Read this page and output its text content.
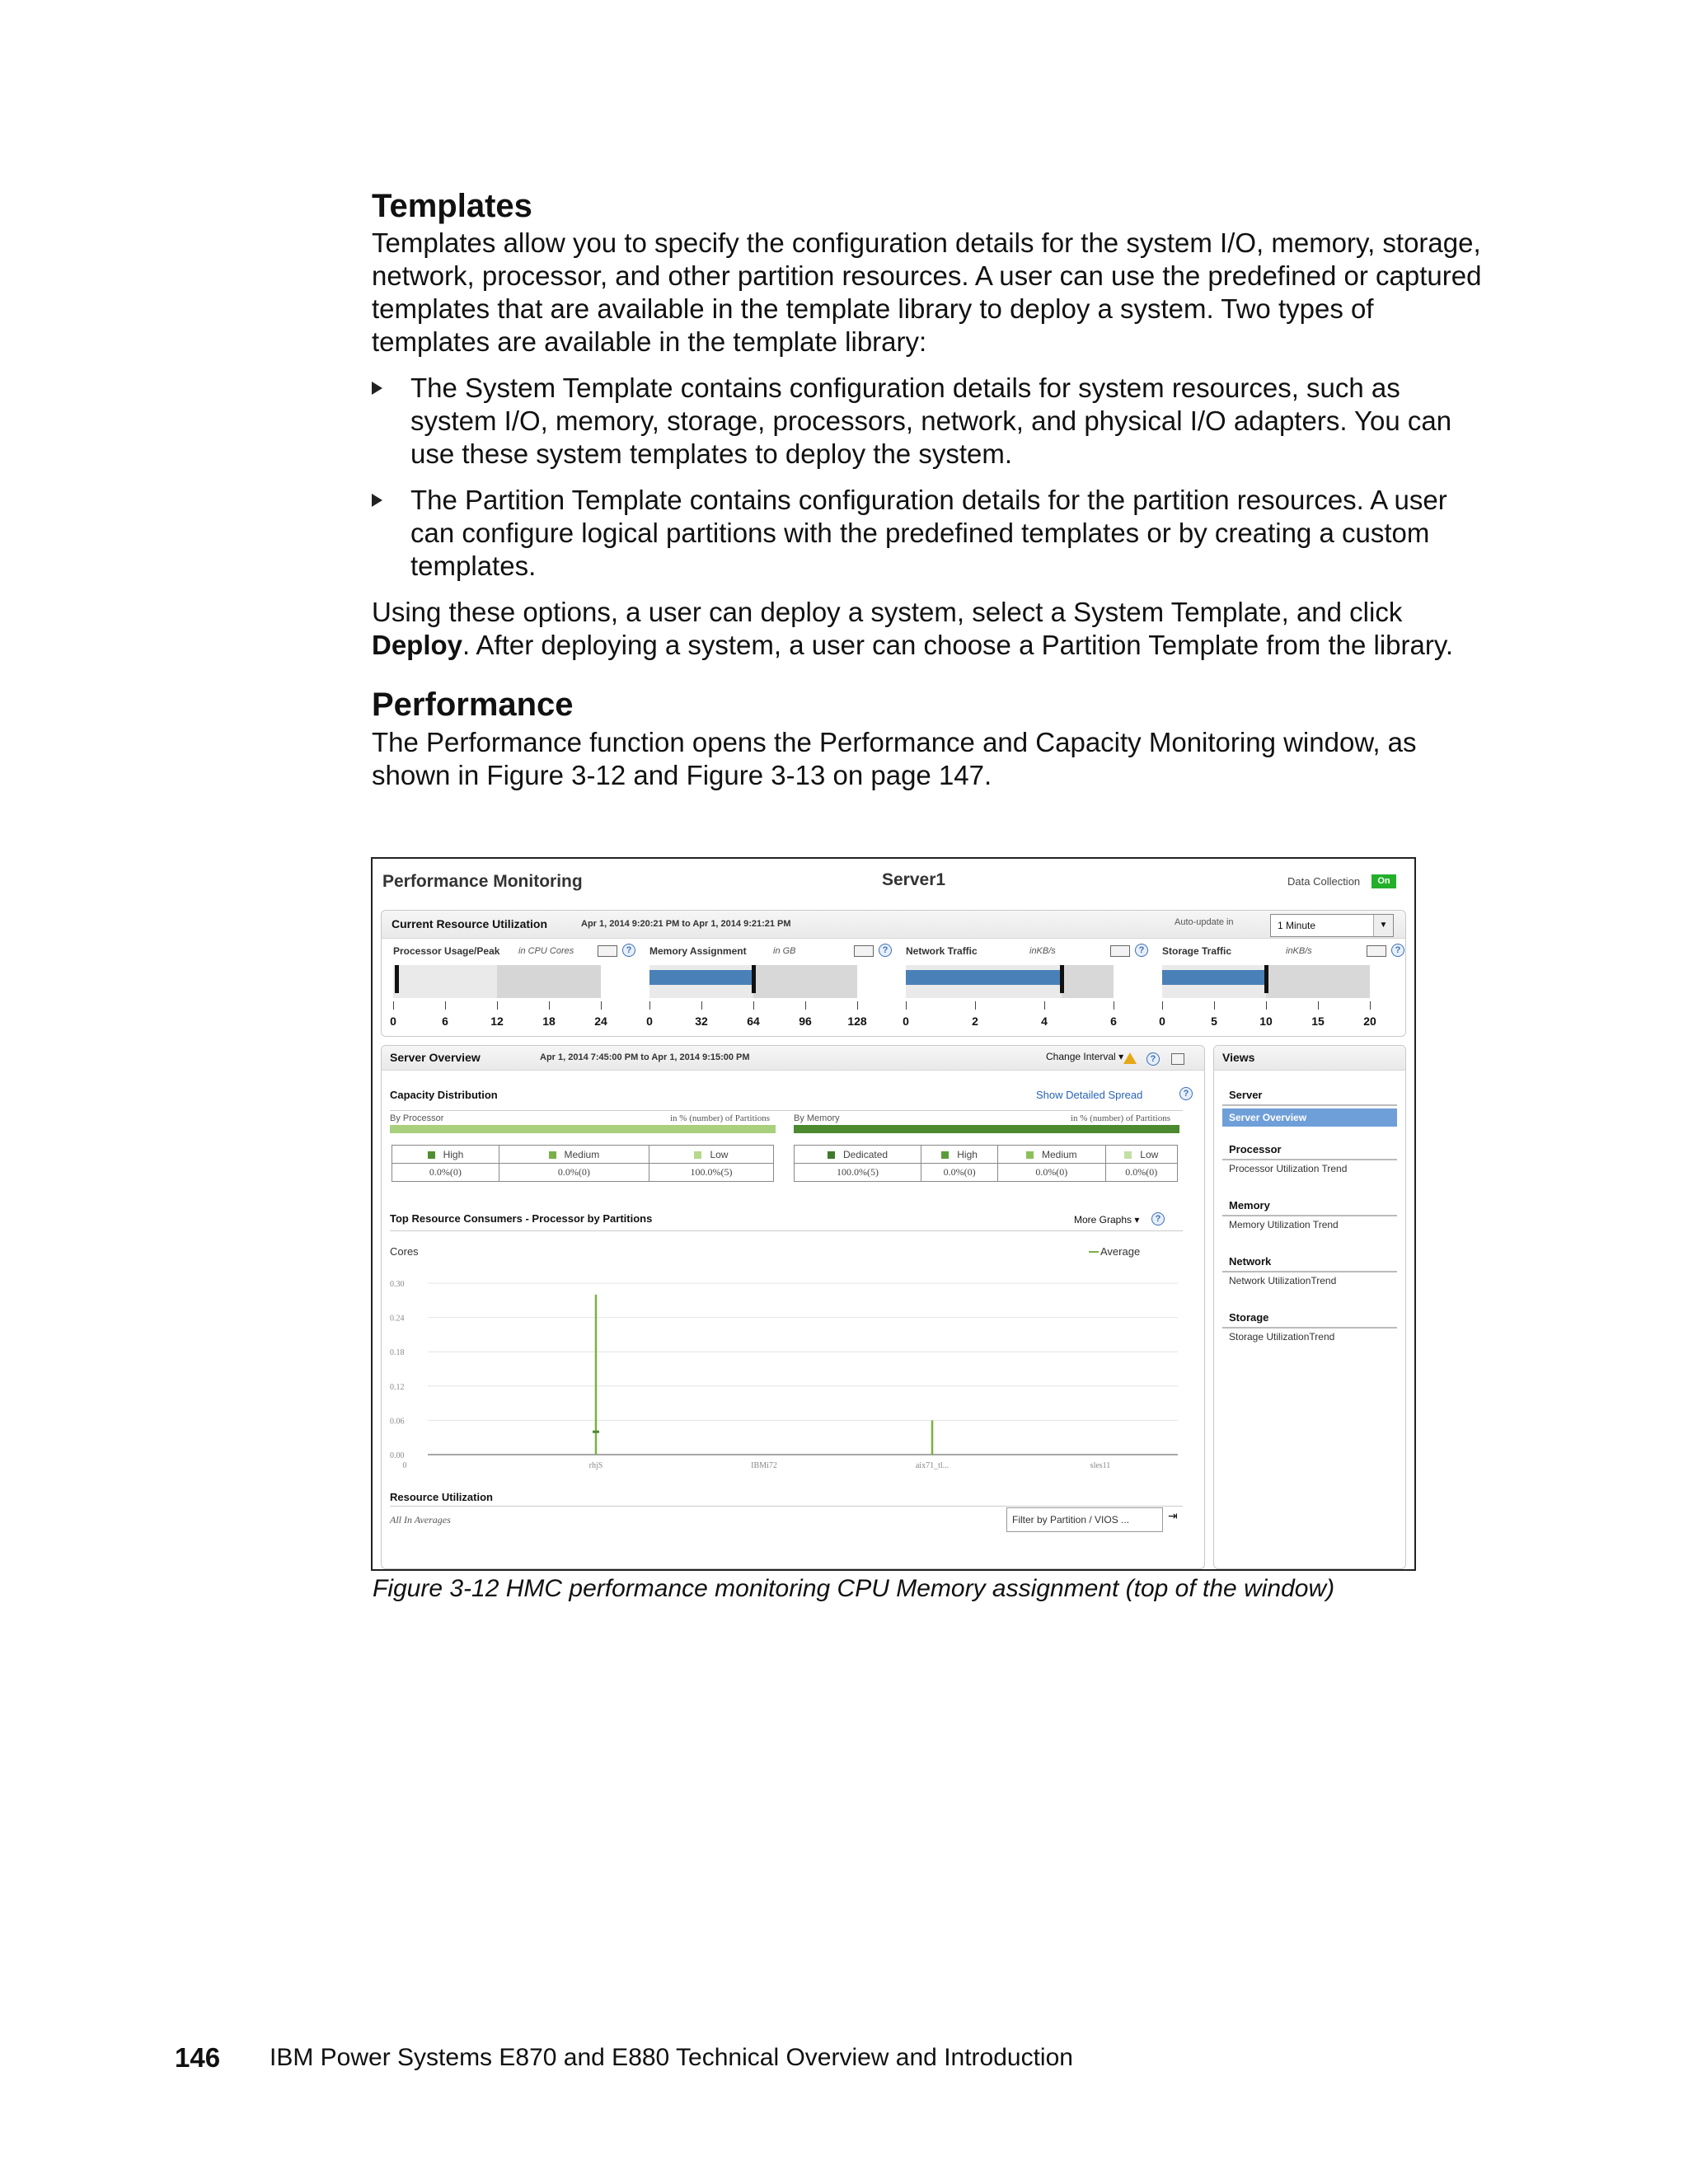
Templates

Templates allow you to specify the configuration details for the system I/O, memory, storage, network, processor, and other partition resources. A user can use the predefined or captured templates that are available in the template library to deploy a system. Two types of templates are available in the template library:

The System Template contains configuration details for system resources, such as system I/O, memory, storage, processors, network, and physical I/O adapters. You can use these system templates to deploy the system.
The Partition Template contains configuration details for the partition resources. A user can configure logical partitions with the predefined templates or by creating a custom templates.

Using these options, a user can deploy a system, select a System Template, and click Deploy. After deploying a system, a user can choose a Partition Template from the library.

Performance

The Performance function opens the Performance and Capacity Monitoring window, as shown in Figure 3-12 and Figure 3-13 on page 147.

Performance Monitoring	Server1	Data Collection	On
Current Resource Utilization	Apr 1, 2014 9:20:21 PM to Apr 1, 2014 9:21:21 PM	Auto-update in	1 Minute	▼
Processor Usage/Peak in CPU Cores	?
0	6	12	18	24
Memory Assignment	in GB	?
0	32	64	96	128
Network Traffic	inKB/s	?
0	2	4	6
Storage Traffic	inKB/s	?
0	5	10	15	20
Server Overview	Apr 1, 2014 7:45:00 PM to Apr 1, 2014 9:15:00 PM	Change Interval ▾	?
Capacity Distribution	Show Detailed Spread	?
By Processor	in % (number) of Partitions	By Memory	in % (number) of Partitions
High	Medium	Low
0.0%(0)	0.0%(0)	100.0%(5)
Dedicated	High	Medium	Low
100.0%(5)	0.0%(0)	0.0%(0)	0.0%(0)
Top Resource Consumers - Processor by Partitions	More Graphs ▾	?
Cores	Average
0.00
0.06
0.12
0.18
0.24
0.30
0	rhjS	IBMi72	aix71_tl...	sles11
Resource Utilization
All In Averages	Filter by Partition / VIOS ...	⇥
Views
Server
Server Overview
Processor
Processor Utilization Trend
Memory
Memory Utilization Trend
Network
Network UtilizationTrend
Storage
Storage UtilizationTrend
Figure 3-12 HMC performance monitoring CPU Memory assignment (top of the window)
146 IBM Power Systems E870 and E880 Technical Overview and Introduction
